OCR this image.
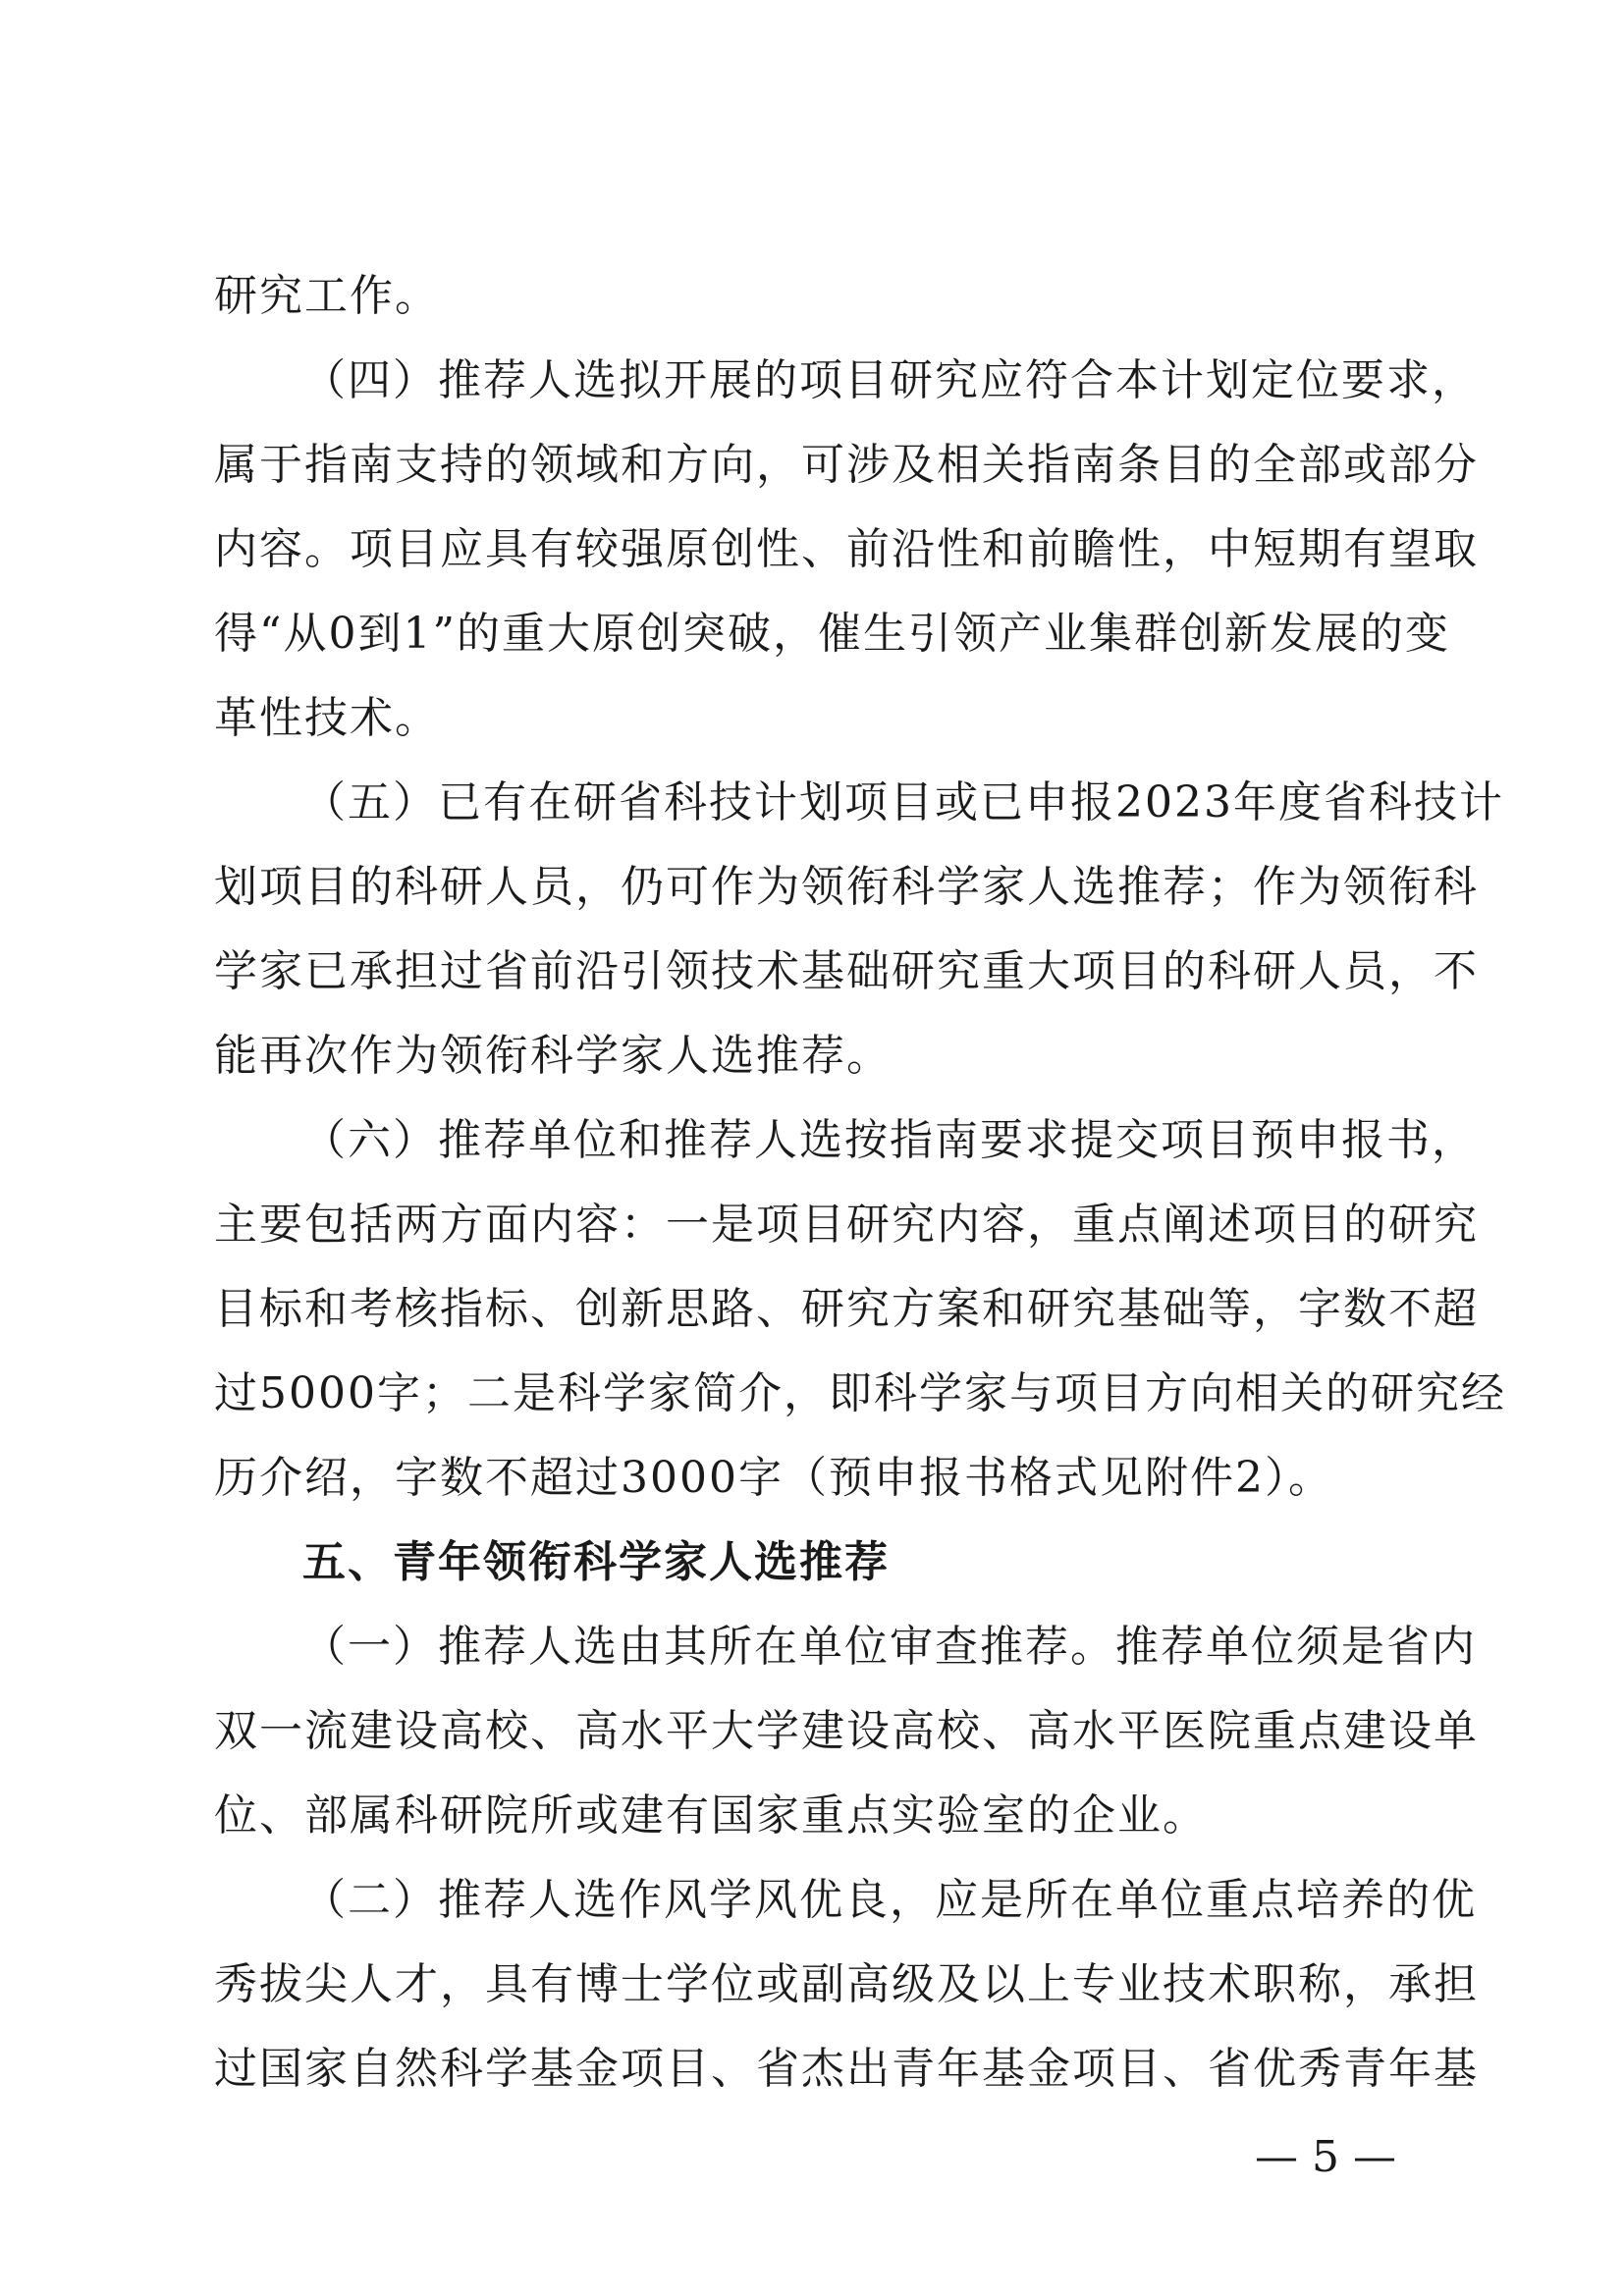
研究工作。
（四）推荐人选拟开展的项目研究应符合本计划定位要求，
属于指南支持的领域和方向，可涉及相关指南条目的全部或部分
内容。项目应具有较强原创性、前沿性和前瞻性，中短期有望取
得“从0到1”的重大原创突破，催生引领产业集群创新发展的变
革性技术。
（五）已有在研省科技计划项目或已申报2023年度省科技计
划项目的科研人员，仍可作为领衔科学家人选推荐；作为领衔科
学家已承担过省前沿引领技术基础研究重大项目的科研人员，不
能再次作为领衔科学家人选推荐。
（六）推荐单位和推荐人选按指南要求提交项目预申报书，
主要包括两方面内容：一是项目研究内容，重点阐述项目的研究
目标和考核指标、创新思路、研究方案和研究基础等，字数不超
过5000字；二是科学家简介，即科学家与项目方向相关的研究经
历介绍，字数不超过3000字（预申报书格式见附件2）。
五、青年领衔科学家人选推荐
（一）推荐人选由其所在单位审查推荐。推荐单位须是省内
双一流建设高校、高水平大学建设高校、高水平医院重点建设单
位、部属科研院所或建有国家重点实验室的企业。
（二）推荐人选作风学风优良，应是所在单位重点培养的优
秀拔尖人才，具有博士学位或副高级及以上专业技术职称，承担
过国家自然科学基金项目、省杰出青年基金项目、省优秀青年基
— 5 —
